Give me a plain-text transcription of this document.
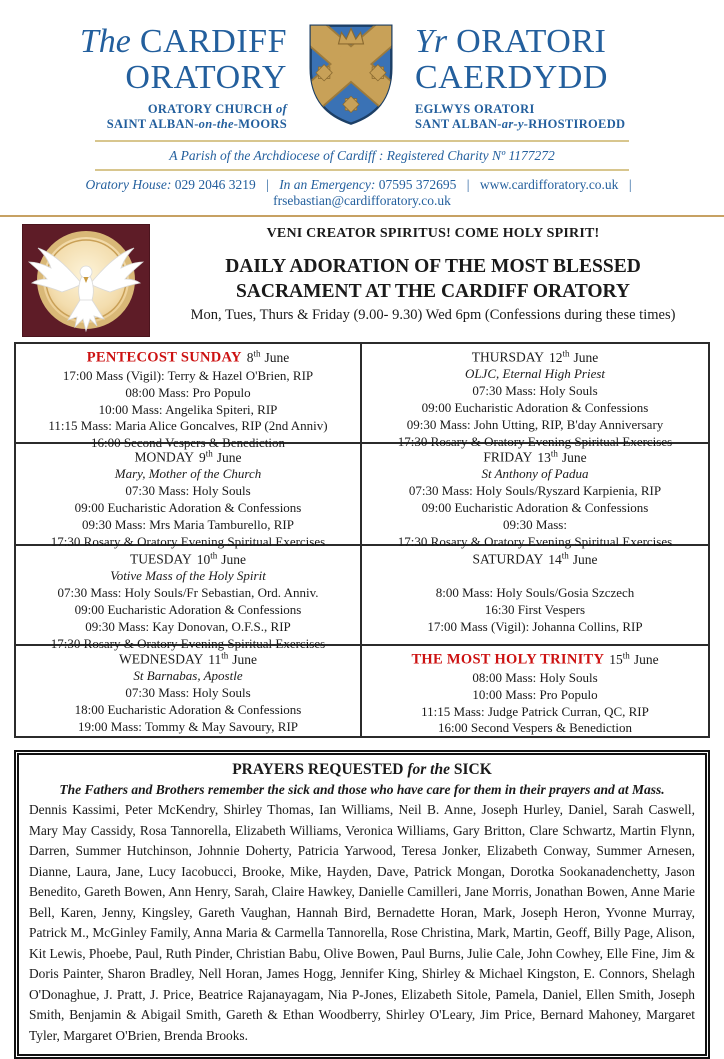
The CARDIFF
ORATORY
ORATORY CHURCH of
SAINT ALBAN-on-the-MOORS
Yr ORATORI
CAERDYDD
EGLWYS ORATORI
SANT ALBAN-ar-y-RHOSTIROEDD
A Parish of the Archdiocese of Cardiff : Registered Charity Nº 1177272
Oratory House: 029 2046 3219 | In an Emergency: 07595 372695 | www.cardifforatory.co.uk | frsebastian@cardifforatory.co.uk
VENI CREATOR SPIRITUS! COME HOLY SPIRIT!
DAILY ADORATION OF THE MOST BLESSED SACRAMENT AT THE CARDIFF ORATORY
Mon, Tues, Thurs & Friday (9.00- 9.30) Wed 6pm (Confessions during these times)
PENTECOST SUNDAY 8th June
17:00 Mass (Vigil): Terry & Hazel O'Brien, RIP
08:00 Mass: Pro Populo
10:00 Mass: Angelika Spiteri, RIP
11:15 Mass: Maria Alice Goncalves, RIP (2nd Anniv)
16:00 Second Vespers & Benediction
THURSDAY 12th June
OLJC, Eternal High Priest
07:30 Mass: Holy Souls
09:00 Eucharistic Adoration & Confessions
09:30 Mass: John Utting, RIP, B'day Anniversary
17:30 Rosary & Oratory Evening Spiritual Exercises
MONDAY 9th June
Mary, Mother of the Church
07:30 Mass: Holy Souls
09:00 Eucharistic Adoration & Confessions
09:30 Mass: Mrs Maria Tamburello, RIP
17:30 Rosary & Oratory Evening Spiritual Exercises
FRIDAY 13th June
St Anthony of Padua
07:30 Mass: Holy Souls/Ryszard Karpienia, RIP
09:00 Eucharistic Adoration & Confessions
09:30 Mass:
17:30 Rosary & Oratory Evening Spiritual Exercises
TUESDAY 10th June
Votive Mass of the Holy Spirit
07:30 Mass: Holy Souls/Fr Sebastian, Ord. Anniv.
09:00 Eucharistic Adoration & Confessions
09:30 Mass: Kay Donovan, O.F.S., RIP
17:30 Rosary & Oratory Evening Spiritual Exercises
SATURDAY 14th June
8:00 Mass: Holy Souls/Gosia Szczech
16:30 First Vespers
17:00 Mass (Vigil): Johanna Collins, RIP
WEDNESDAY 11th June
St Barnabas, Apostle
07:30 Mass: Holy Souls
18:00 Eucharistic Adoration & Confessions
19:00 Mass: Tommy & May Savoury, RIP
THE MOST HOLY TRINITY 15th June
08:00 Mass: Holy Souls
10:00 Mass: Pro Populo
11:15 Mass: Judge Patrick Curran, QC, RIP
16:00 Second Vespers & Benediction
PRAYERS REQUESTED for the SICK
The Fathers and Brothers remember the sick and those who have care for them in their prayers and at Mass.
Dennis Kassimi, Peter McKendry, Shirley Thomas, Ian Williams, Neil B. Anne, Joseph Hurley, Daniel, Sarah Caswell, Mary May Cassidy, Rosa Tannorella, Elizabeth Williams, Veronica Williams, Gary Britton, Clare Schwartz, Martin Flynn, Darren, Summer Hutchinson, Johnnie Doherty, Patricia Yarwood, Teresa Jonker, Elizabeth Conway, Summer Arnesen, Dianne, Laura, Jane, Lucy Iacobucci, Brooke, Mike, Hayden, Dave, Patrick Mongan, Dorotka Sookanadenchetty, Jason Benedito, Gareth Bowen, Ann Henry, Sarah, Claire Hawkey, Danielle Camilleri, Jane Morris, Jonathan Bowen, Anne Marie Bell, Karen, Jenny, Kingsley, Gareth Vaughan, Hannah Bird, Bernadette Horan, Mark, Joseph Heron, Yvonne Murray, Patrick M., McGinley Family, Anna Maria & Carmella Tannorella, Rose Christina, Mark, Martin, Geoff, Billy Page, Alison, Kit Lewis, Phoebe, Paul, Ruth Pinder, Christian Babu, Olive Bowen, Paul Burns, Julie Cale, John Cowhey, Elle Fine, Jim & Doris Painter, Sharon Bradley, Nell Horan, James Hogg, Jennifer King, Shirley & Michael Kingston, E. Connors, Shelagh O'Donaghue, J. Pratt, J. Price, Beatrice Rajanayagam, Nia P-Jones, Elizabeth Sitole, Pamela, Daniel, Ellen Smith, Joseph Smith, Benjamin & Abigail Smith, Gareth & Ethan Woodberry, Shirley O'Leary, Jim Price, Bernard Mahoney, Margaret Tyler, Margaret O'Brien, Brenda Brooks.
